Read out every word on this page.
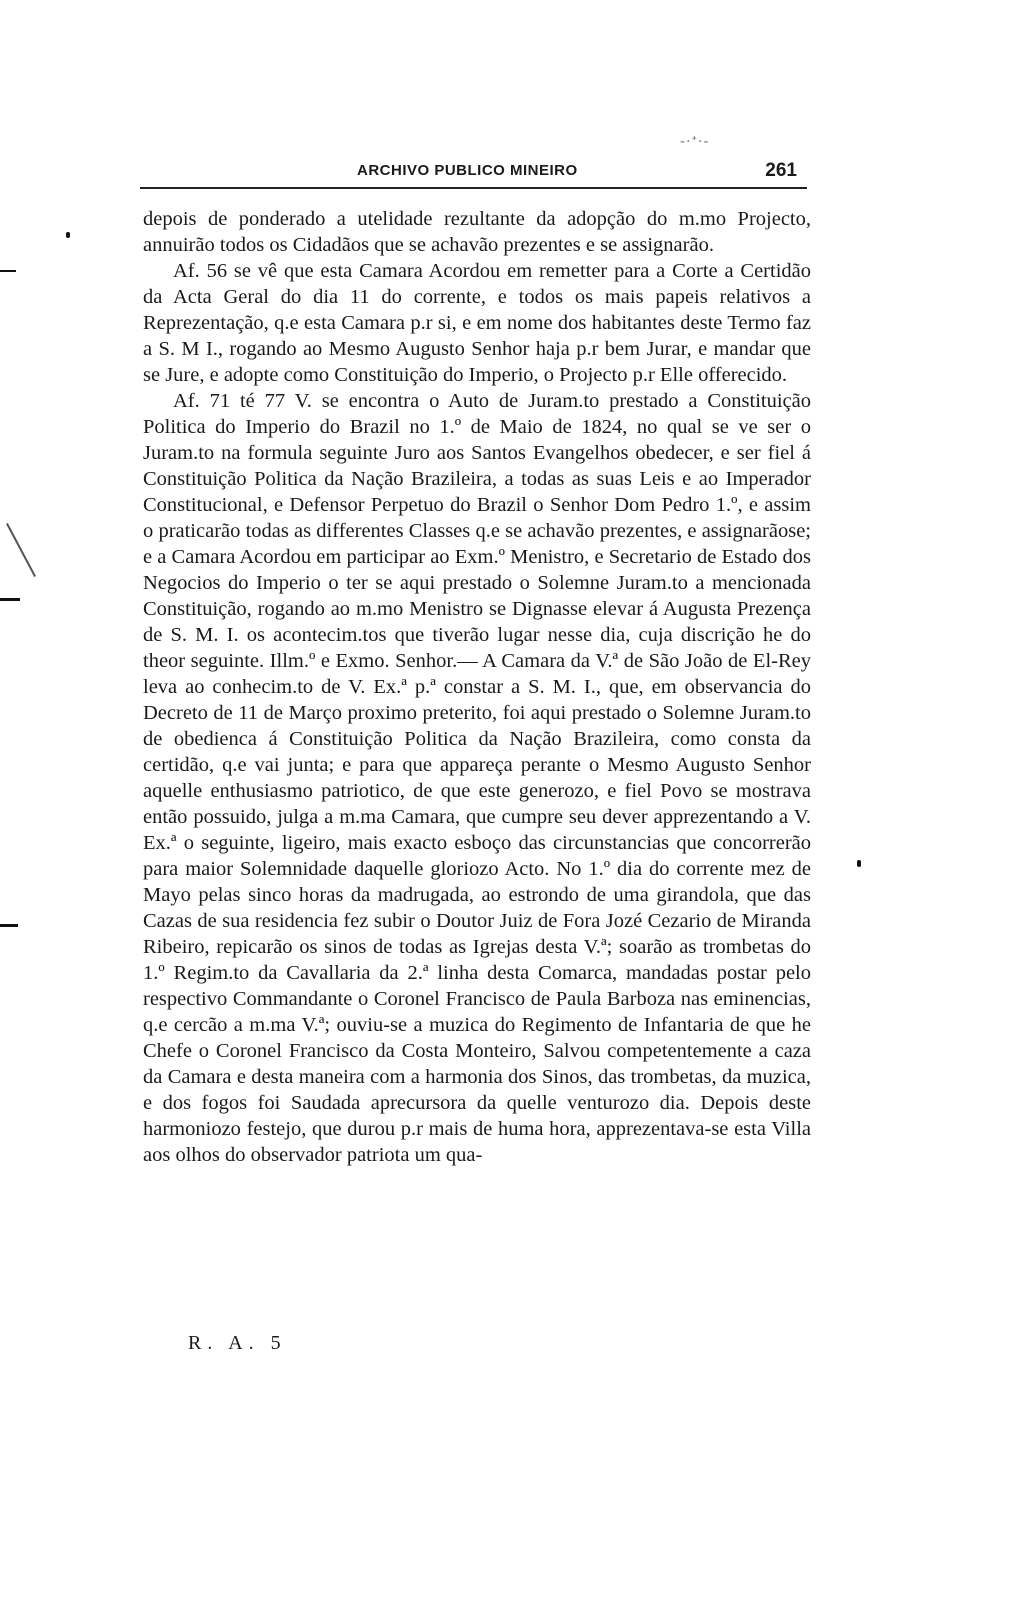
-·ᐩ·-
ARCHIVO PUBLICO MINEIRO	261

depois de ponderado a utelidade rezultante da adopção do m.mo Projecto, annuirão todos os Cidadãos que se achavão prezentes e se assignarão.

Af. 56 se vê que esta Camara Acordou em remetter para a Corte a Certidão da Acta Geral do dia 11 do corrente, e todos os mais papeis relativos a Reprezentação, q.e esta Camara p.r si, e em nome dos habitantes deste Termo faz a S. M I., rogando ao Mesmo Augusto Senhor haja p.r bem Jurar, e mandar que se Jure, e adopte como Constituição do Imperio, o Projecto p.r Elle offerecido.

Af. 71 té 77 V. se encontra o Auto de Juram.to prestado a Constituição Politica do Imperio do Brazil no 1.º de Maio de 1824, no qual se ve ser o Juram.to na formula seguinte Juro aos Santos Evangelhos obedecer, e ser fiel á Constituição Politica da Nação Brazileira, a todas as suas Leis e ao Imperador Constitucional, e Defensor Perpetuo do Brazil o Senhor Dom Pedro 1.º, e assim o praticarão todas as differentes Classes q.e se achavão prezentes, e assignarãose; e a Camara Acordou em participar ao Exm.º Menistro, e Secretario de Estado dos Negocios do Imperio o ter se aqui prestado o Solemne Juram.to a mencionada Constituição, rogando ao m.mo Menistro se Dignasse elevar á Augusta Prezença de S. M. I. os acontecim.tos que tiverão lugar nesse dia, cuja discrição he do theor seguinte. Illm.º e Exmo. Senhor.— A Camara da V.ª de São João de El-Rey leva ao conhecim.to de V. Ex.ª p.ª constar a S. M. I., que, em observancia do Decreto de 11 de Março proximo preterito, foi aqui prestado o Solemne Juram.to de obedienca á Constituição Politica da Nação Brazileira, como consta da certidão, q.e vai junta; e para que appareça perante o Mesmo Augusto Senhor aquelle enthusiasmo patriotico, de que este generozo, e fiel Povo se mostrava então possuido, julga a m.ma Camara, que cumpre seu dever apprezentando a V. Ex.ª o seguinte, ligeiro, mais exacto esboço das circunstancias que concorrerão para maior Solemnidade daquelle gloriozo Acto. No 1.º dia do corrente mez de Mayo pelas sinco horas da madrugada, ao estrondo de uma girandola, que das Cazas de sua residencia fez subir o Doutor Juiz de Fora Jozé Cezario de Miranda Ribeiro, repicarão os sinos de todas as Igrejas desta V.ª; soarão as trombetas do 1.º Regim.to da Cavallaria da 2.ª linha desta Comarca, mandadas postar pelo respectivo Commandante o Coronel Francisco de Paula Barboza nas eminencias, q.e cercão a m.ma V.ª; ouviu-se a muzica do Regimento de Infantaria de que he Chefe o Coronel Francisco da Costa Monteiro, Salvou competentemente a caza da Camara e desta maneira com a harmonia dos Sinos, das trombetas, da muzica, e dos fogos foi Saudada aprecursora da quelle venturozo dia. Depois deste harmoniozo festejo, que durou p.r mais de huma hora, apprezentava-se esta Villa aos olhos do observador patriota um qua-

R. A. 5
